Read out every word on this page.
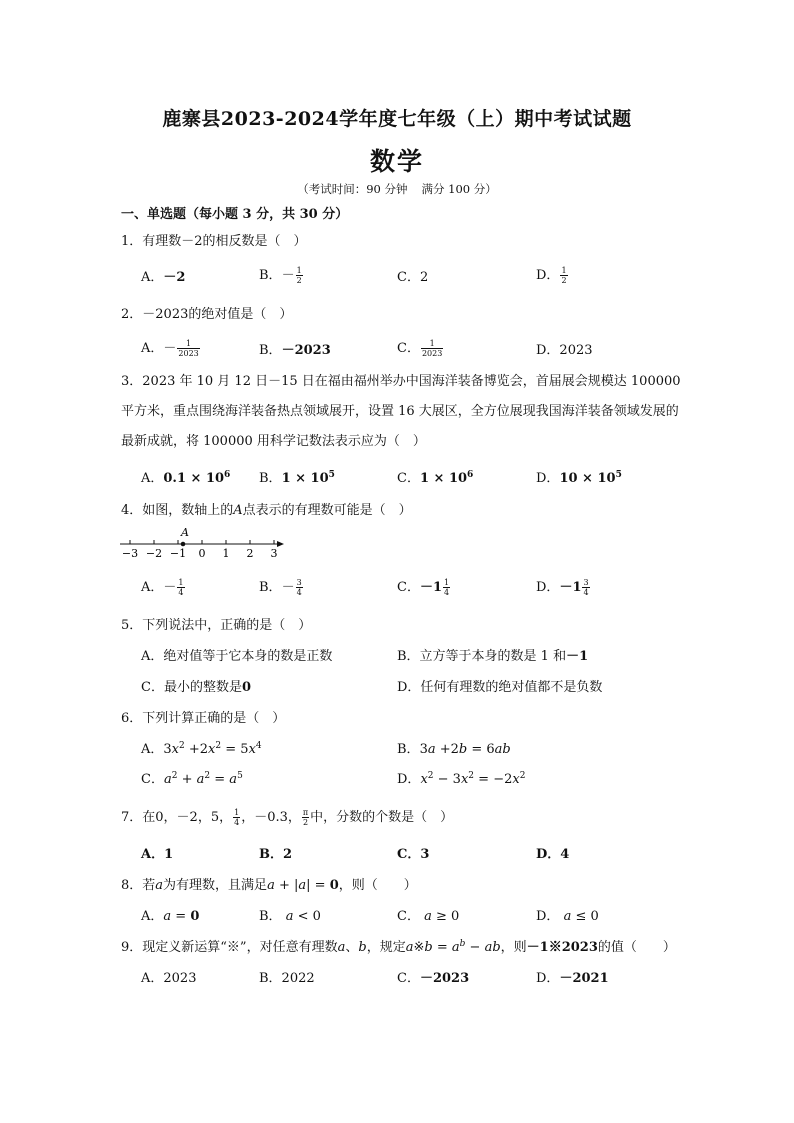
鹿寨县2023-2024学年度七年级（上）期中考试试题
数学
（考试时间：90 分钟 满分 100 分）
一、单选题（每小题 3 分，共 30 分）
1．有理数－2的相反数是（　）
A．－2	B．－ $\frac{1}{2}$	C．2	D． $\frac{1}{2}$
2．－2023的绝对值是（　）
A．－ $\frac{1}{2023}$	B．－2023	C． $\frac{1}{2023}$	D．2023
3．2023 年 10 月 12 日－15 日在福由福州举办中国海洋装备博览会，首届展会规模达 100000 平方米，重点围绕海洋装备热点领域展开，设置 16 大展区，全方位展现我国海洋装备领域发展的最新成就，将 100000 用科学记数法表示应为（　）
A．$0.1 \times 10^6$ B．$1 \times 10^5$	C．$1 \times 10^6$	D．$10 \times 10^5$
4．如图，数轴上的A点表示的有理数可能是（　）
A
−3 −2 −1 0 1 2 3
A．－ $\frac{1}{4}$	B．－ $\frac{3}{4}$	C．$-1 \frac{1}{4}$	D．$-1 \frac{3}{4}$
5．下列说法中，正确的是（　）
A．绝对值等于它本身的数是正数	B．立方等于本身的数是 1 和－1
C．最小的整数是0	D．任何有理数的绝对值都不是负数
6．下列计算正确的是（　）
A．$3x^2 +2x^2 = 5x^4$	B．3a +2b = 6ab
C．$a^2 + a^2 = a^5$	D．$x^2 - 3x^2 = -2x^2$
7．在0，－2，5， $\frac{1}{4}$ ，－0.3， $\frac{\pi}{2}$ 中，分数的个数是（　）
A．1	B．2	C．3	D．4
8．若a为有理数，且满足a + |a| = 0，则（　　）
A．a = 0	B． a < 0	C． a ≥ 0	D． a ≤ 0
9．现定义新运算“※”，对任意有理数a、b，规定a※b = $a^b$ − ab，则－1※2023的值（　　）
A．2023	B．2022	C．－2023	D．－2021
